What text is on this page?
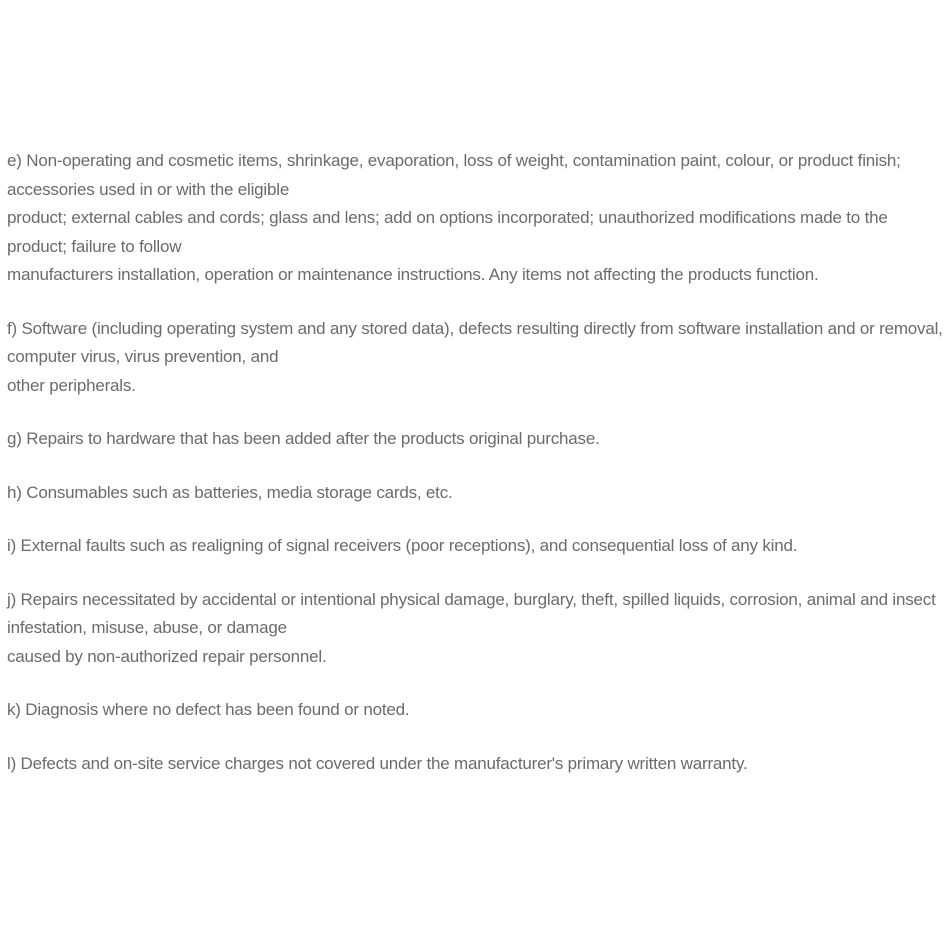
e) Non-operating and cosmetic items, shrinkage, evaporation, loss of weight, contamination paint, colour, or product finish; accessories used in or with the eligible
product; external cables and cords; glass and lens; add on options incorporated; unauthorized modifications made to the product; failure to follow
manufacturers installation, operation or maintenance instructions. Any items not affecting the products function.

f) Software (including operating system and any stored data), defects resulting directly from software installation and or removal, computer virus, virus prevention, and
other peripherals.

g) Repairs to hardware that has been added after the products original purchase.

h) Consumables such as batteries, media storage cards, etc.

i) External faults such as realigning of signal receivers (poor receptions), and consequential loss of any kind.

j) Repairs necessitated by accidental or intentional physical damage, burglary, theft, spilled liquids, corrosion, animal and insect infestation, misuse, abuse, or damage
caused by non-authorized repair personnel.

k) Diagnosis where no defect has been found or noted.

l) Defects and on-site service charges not covered under the manufacturer's primary written warranty.
